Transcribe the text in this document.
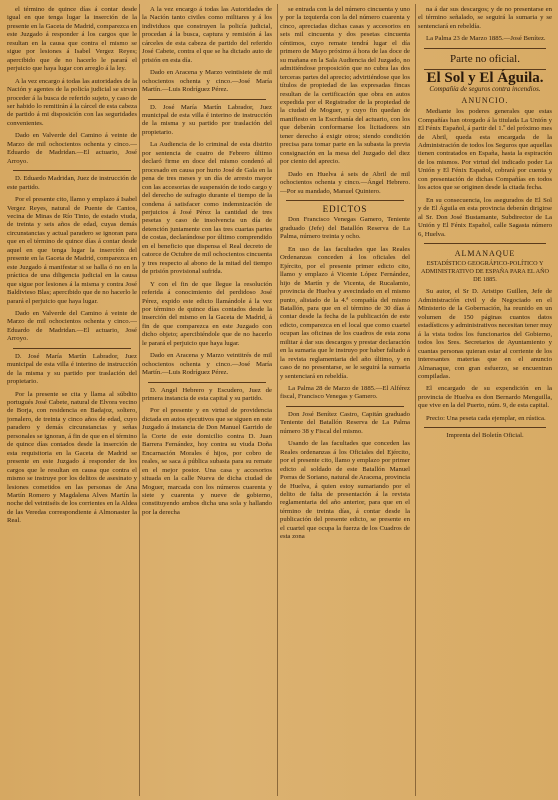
el término de quince días á contar desde igual en que tenga lugar la inserción de la presente en la Gaceta de Madrid, comparezca en este Juzgado á responder á los cargos que le resultan en la causa que contra el mismo se sigue por lesiones á Isabel Vergez Reyes; apercibido que de no hacerlo le parará el perjuicio que haya lugar con arreglo á la ley.

A la vez encargo á todas las autoridades de la Nación y agentes de la policía judicial se sirvan proceder á la busca de referido sujeto, y caso de ser habido lo remitirán á la cárcel de esta cabeza de partido á mi disposición con las seguridades convenientes.

Dado en Valverde del Camino á veinte de Marzo de mil ochocientos ochenta y cinco.—Eduardo de Madridan.—El actuario, José Arroyo.

D. Eduardo Madridan, Juez de instrucción de este partido.

Por el presente cito, llamo y emplazo á Isabel Vergez Reyes, natural de Puente de Cantos, vecina de Minas de Río Tinto, de estado viuda, de treinta y seis años de edad, cuyas demás circunstancias y actual paradero se ignoran para que en el término de quince días á contar desde aquel en que tenga lugar la inserción del presente en la Gaceta de Madrid, comparezca en este Juzgado á manifestar si se halla ó no en la práctica de una diligencia judicial en la causa que sigue por lesiones á la misma y contra José Baldivieso Blas; apercibido que de no hacerlo le parará el perjuicio que haya lugar.

Dado en Valverde del Camino á veinte de Marzo de mil ochocientos ochenta y cinco.—Eduardo de Madridan.—El actuario, José Arroyo.

D. José María Martín Labrador, Juez municipal de esta villa é interino de instrucción de la misma y su partido por traslación del propietario.

Por la presente se cita y llama al súbdito portugués José Cabete, natural de Elvora vecino de Borja, con residencia en Badajoz, soltero, jornalero, de treinta y cinco años de edad, cuyo paradero y demás circunstancias y señas personales se ignoran, á fin de que en el término de quince días contados desde la inserción de esta requisitoria en la Gaceta de Madrid se presente en este Juzgado á responder de los cargos que le resultan en causa que contra el mismo se instruye por los delitos de asesinato y lesiones cometidos en las personas de Ana Martín Romero y Magdalena Alves Martín la noche del veintiséis de los corrientes en la Aldea de las Veredas correspondiente á Almonaster la Real.

A la vez encargo á todas las Autoridades de la Nación tanto civiles como militares y á los individuos que construyen la policía judicial, procedan á la busca, captura y remisión á las cárceles de esta cabeza de partido del referido José Cabete, contra el que se ha dictado auto de prisión en esta día.

Dado en Aracena y Marzo veintisiete de mil ochocientos ochenta y cinco.—José María Martín.—Luis Rodríguez Pérez.

D. José María Martín Labrador, Juez municipal de esta villa é interino de instrucción de la misma y su partido por traslación del propietario.

La Audiencia de lo criminal de esta distrito por sentencia de cuatro de Febrero último declaró firme en doce del mismo condenó al procesado en causa por hurto José de Gala en la pena de tres meses y un día de arresto mayor con las accesorias de suspensión de todo cargo y del derecho de sufragio durante el tiempo de la condena á satisfacer como indemnización de perjuicios á José Pérez la cantidad de tres pesetas y caso de insolvencia un día de detención juntamente con las tres cuartas partes de costas, declarándose por último comprendido en el beneficio que dispensa el Real decreto de catorce de Octubre de mil ochocientos cincuenta y tres respecto al abono de la mitad del tiempo de prisión provisional sufrida.

Y con el fin de que llegue la resolución referida á conocimiento del perdidoso José Pérez, expido este edicto llamándole á la vez por término de quince días contados desde la inserción del mismo en la Gaceta de Madrid, á fin de que comparezca en este Juzgado con dicho objeto; apercibiéndole que de no hacerlo le parará el perjuicio que haya lugar.

Dado en Aracena y Marzo veintitrés de mil ochocientos ochenta y cinco.—José María Martín.—Luis Rodríguez Pérez.

D. Angel Hebrero y Escudero, Juez de primera instancia de esta capital y su partido.

Por el presente y en virtud de providencia dictada en autos ejecutivos que se siguen en este Juzgado á instancia de Don Manuel Garrido de la Corte de este domicilio contra D. Juan Barrera Fernández, hoy contra su viuda Doña Encarnación Morales é hijos, por cobro de reales, se saca á pública subasta para su remate en el mejor postor. Una casa y accesorios situada en la calle Nueva de dicha ciudad de Moguer, marcada con los números cuarenta y siete y cuarenta y nueve de gobierno, constituyendo ambos dicha una sola y hallando por la derecha

se entrada con la del número cincuenta y uno y por la izquierda con la del número cuarenta y cinco, apreciadas dichas casas y accesorios en seis mil cincuenta y dos pesetas cincuenta céntimos, cuyo remate tendrá lugar el día primero de Mayo próximo á hora de las doce de su mañana en la Sala Audiencia del Juzgado, no admitiéndose proposición que no cubra las dos terceras partes del aprecio; advirtiéndose que los títulos de propiedad de las expresadas fincas resultan de la certificación que obra en autos expedida por el Registrador de la propiedad de la ciudad de Moguer, y cuyo fin quedan de manifiesto en la Escribanía del actuario, con los que deberán conformarse los licitadores sin tener derecho á exigir otros; siendo condición precisa para tomar parte en la subasta la previa consignación en la mesa del Juzgado del diez por ciento del aprecio.

Dado en Huelva á seis de Abril de mil ochocientos ochenta y cinco.—Ángel Hebrero.—Por su mandado, Manuel Quintero.

EDICTOS

Don Francisco Venegas Gamero, Teniente graduado (Jefe) del Batallón Reserva de La Palma, número treinta y ocho.

En uso de las facultades que las Reales Ordenanzas conceden á los oficiales del Ejército, por el presente primer edicto cito, llamo y emplazo á Vicente López Fernández, hijo de Martín y de Vicenta, de Rucalamio, provincia de Huelva y avecindado en el mismo punto, alistado de la 4.ª compañía del mismo Batallón, para que en el término de 30 días á contar desde la fecha de la publicación de este edicto, comparezca en el local que como cuartel ocupan las oficinas de los cuadros de esta zona militar á dar sus descargos y prestar declaración en la sumaria que le instruyo por haber faltado á la revista reglamentaria del año último, y en caso de no presentarse, se le seguirá la sumaria y sentenciará en rebeldía.

La Palma 28 de Marzo de 1885.—El Alférez fiscal, Francisco Venegas y Gamero.

Don José Benítez Castro, Capitán graduado Teniente del Batallón Reserva de La Palma número 38 y Fiscal del mismo.

Usando de las facultades que conceden las Reales ordenanzas á los Oficiales del Ejército, por el presente cito, llamo y emplazo por primer edicto al soldado de este Batallón Manuel Porras de Soriano, natural de Aracena, provincia de Huelva, á quien estoy sumariando por el delito de falta de presentación á la revista reglamentaria del año anterior, para que en el término de treinta días, á contar desde la publicación del presente edicto, se presente en el cuartel que ocupa la fuerza de los Cuadros de esta zona

na á dar sus descargos; y de no presentarse en el término señalado, se seguirá la sumaria y se sentenciará en rebeldía.

La Palma 23 de Marzo 1885.—José Benítez.

Parte no oficial.
El Sol y El Águila.
Compañía de seguros contra incendios.
ANUNCIO.

Mediante los poderes generales que estas Compañías han otorgado á la titulada La Unión y El Fénix Español, á partir del 1.º del próximo mes de Abril, queda esta encargada de la Administración de todos los Seguros que aquellas tienen contratados en España, hasta la espiración de los mismos. Por virtud del indicado poder La Unión y El Fénix Español, cobrará por cuenta y con presentación de dichas Compañías en todos los actos que se originen desde la citada fecha.

En su consecuencia, los asegurados de El Sol y de El Águila en esta provincia deberán dirigirse al Sr. Don José Bustamante, Subdirector de La Unión y El Fénix Español, calle Sagasta número 6, Huelva.

ALMANAQUE
ESTADÍSTICO GEOGRÁFICO-POLÍTICO Y ADMINISTRATIVO DE ESPAÑA PARA EL AÑO DE 1885.

Su autor, el Sr D. Aristipo Guillen, Jefe de Administración civil y de Negociado en el Ministerio de la Gobernación, ha reunido en un volumen de 150 páginas cuantos datos estadísticos y administrativos necesitan tener muy á la vista todos los funcionarios del Gobierno, todos los Sres. Secretarios de Ayuntamiento y cuantas personas quieran estar al corriente de los interesantes materias que en el anuncio Almanaque, con gran esfuerzo, se encuentran compiladas.

El encargado de su expendición en la provincia de Huelva es don Bernardo Menguilla, que vive en la del Puerto, núm. 9, de esta capital.

Precio: Una peseta cada ejemplar, en rústica.

Imprenta del Boletín Oficial.
